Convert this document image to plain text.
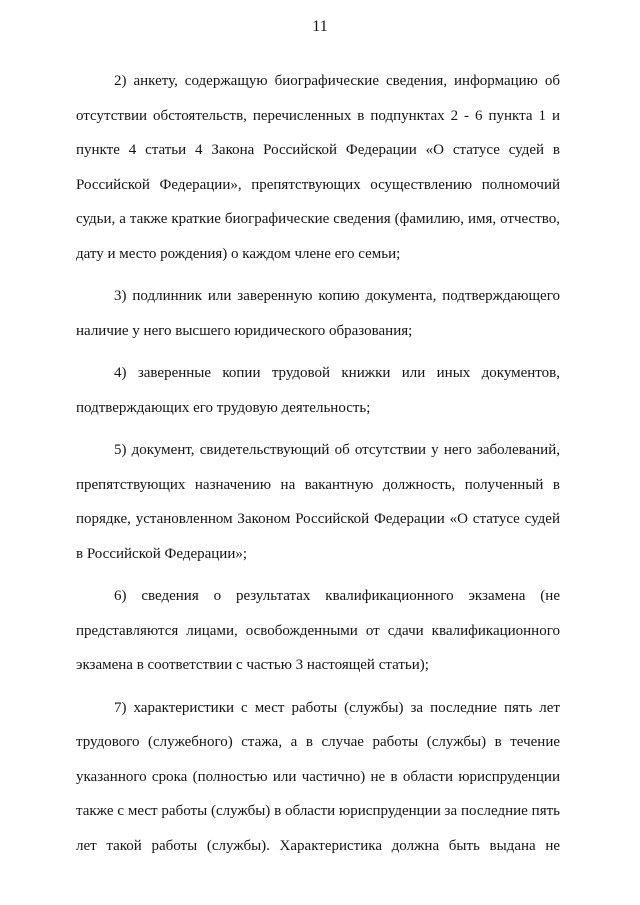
11

2) анкету, содержащую биографические сведения, информацию об отсутствии обстоятельств, перечисленных в подпунктах 2 - 6 пункта 1 и пункте 4 статьи 4 Закона Российской Федерации «О статусе судей в Российской Федерации», препятствующих осуществлению полномочий судьи, а также краткие биографические сведения (фамилию, имя, отчество, дату и место рождения) о каждом члене его семьи;

3) подлинник или заверенную копию документа, подтверждающего наличие у него высшего юридического образования;

4) заверенные копии трудовой книжки или иных документов, подтверждающих его трудовую деятельность;

5) документ, свидетельствующий об отсутствии у него заболеваний, препятствующих назначению на вакантную должность, полученный в порядке, установленном Законом Российской Федерации «О статусе судей в Российской Федерации»;

6) сведения о результатах квалификационного экзамена (не представляются лицами, освобожденными от сдачи квалификационного экзамена в соответствии с частью 3 настоящей статьи);

7) характеристики с мест работы (службы) за последние пять лет трудового (служебного) стажа, а в случае работы (службы) в течение указанного срока (полностью или частично) не в области юриспруденции также с мест работы (службы) в области юриспруденции за последние пять лет такой работы (службы). Характеристика должна быть выдана не
